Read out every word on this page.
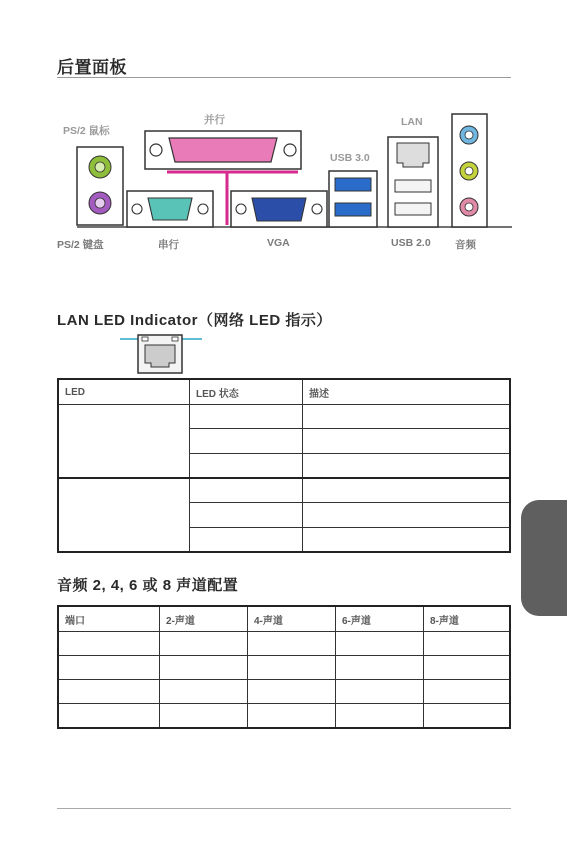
后置面板
PS/2 鼠标
并行
USB 3.0
LAN
PS/2 键盘	串行	VGA	USB 2.0 音频
LAN LED Indicator（网络 LED 指示）
LED	LED 状态	描述

音频 2, 4, 6 或 8 声道配置
端口	2-声道	4-声道	6-声道	8-声道
